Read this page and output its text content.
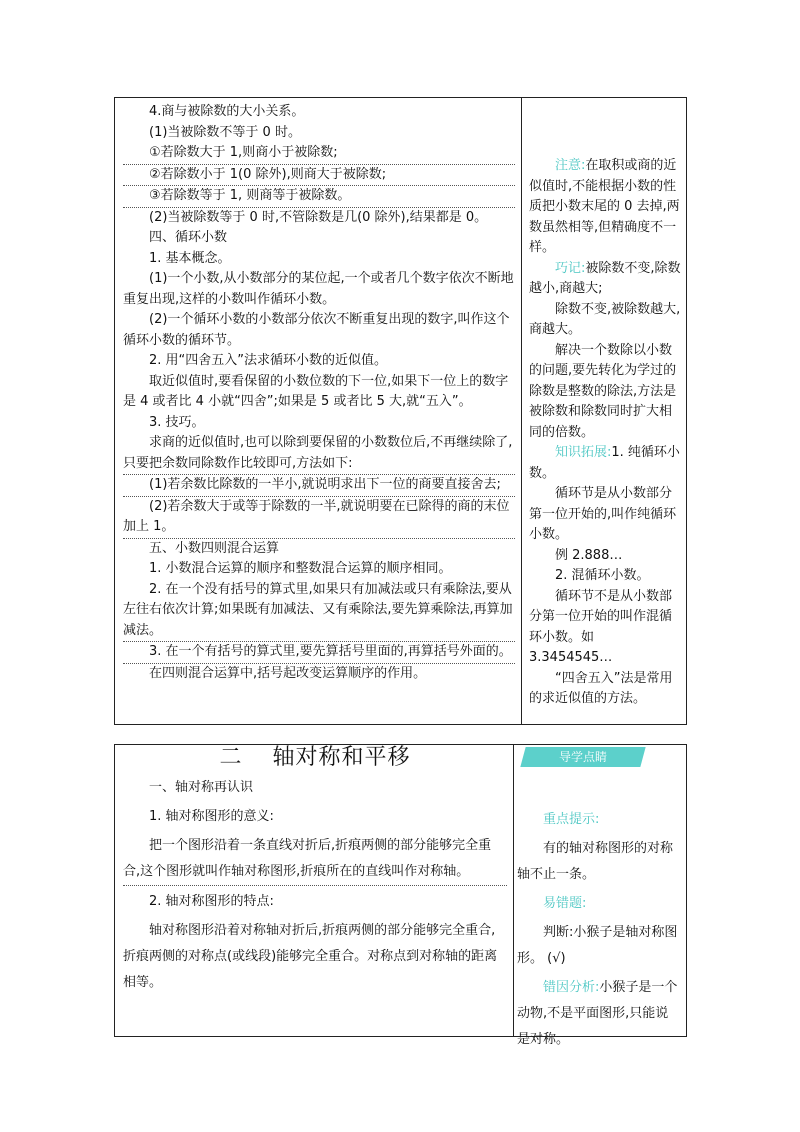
4.商与被除数的大小关系。

(1)当被除数不等于 0 时。

①若除数大于 1,则商小于被除数;

②若除数小于 1(0 除外),则商大于被除数;

③若除数等于 1, 则商等于被除数。

(2)当被除数等于 0 时,不管除数是几(0 除外),结果都是 0。

四、循环小数

1. 基本概念。

(1)一个小数,从小数部分的某位起,一个或者几个数字依次不断地重复出现,这样的小数叫作循环小数。

(2)一个循环小数的小数部分依次不断重复出现的数字,叫作这个循环小数的循环节。

2. 用“四舍五入”法求循环小数的近似值。

取近似值时,要看保留的小数位数的下一位,如果下一位上的数字是 4 或者比 4 小就“四舍”;如果是 5 或者比 5 大,就“五入”。

3. 技巧。

求商的近似值时,也可以除到要保留的小数数位后,不再继续除了,只要把余数同除数作比较即可,方法如下:

(1)若余数比除数的一半小,就说明求出下一位的商要直接舍去;

(2)若余数大于或等于除数的一半,就说明要在已除得的商的末位加上 1。

五、小数四则混合运算

1. 小数混合运算的顺序和整数混合运算的顺序相同。

2. 在一个没有括号的算式里,如果只有加减法或只有乘除法,要从左往右依次计算;如果既有加减法、又有乘除法,要先算乘除法,再算加减法。

3. 在一个有括号的算式里,要先算括号里面的,再算括号外面的。

在四则混合运算中,括号起改变运算顺序的作用。

注意:在取积或商的近似值时,不能根据小数的性质把小数末尾的 0 去掉,两数虽然相等,但精确度不一样。

巧记:被除数不变,除数越小,商越大;

除数不变,被除数越大,商越大。

解决一个数除以小数的问题,要先转化为学过的除数是整数的除法,方法是被除数和除数同时扩大相同的倍数。

知识拓展:1. 纯循环小数。

循环节是从小数部分第一位开始的,叫作纯循环小数。

例 2.888…

2. 混循环小数。

循环节不是从小数部分第一位开始的叫作混循环小数。如 3.3454545…

“四舍五入”法是常用的求近似值的方法。

二 轴对称和平移

一、轴对称再认识

1. 轴对称图形的意义:

把一个图形沿着一条直线对折后,折痕两侧的部分能够完全重合,这个图形就叫作轴对称图形,折痕所在的直线叫作对称轴。

2. 轴对称图形的特点:

轴对称图形沿着对称轴对折后,折痕两侧的部分能够完全重合,折痕两侧的对称点(或线段)能够完全重合。对称点到对称轴的距离相等。

导学点睛

重点提示:

有的轴对称图形的对称轴不止一条。

易错题:

判断:小猴子是轴对称图形。 (√)

错因分析:小猴子是一个动物,不是平面图形,只能说是对称。
